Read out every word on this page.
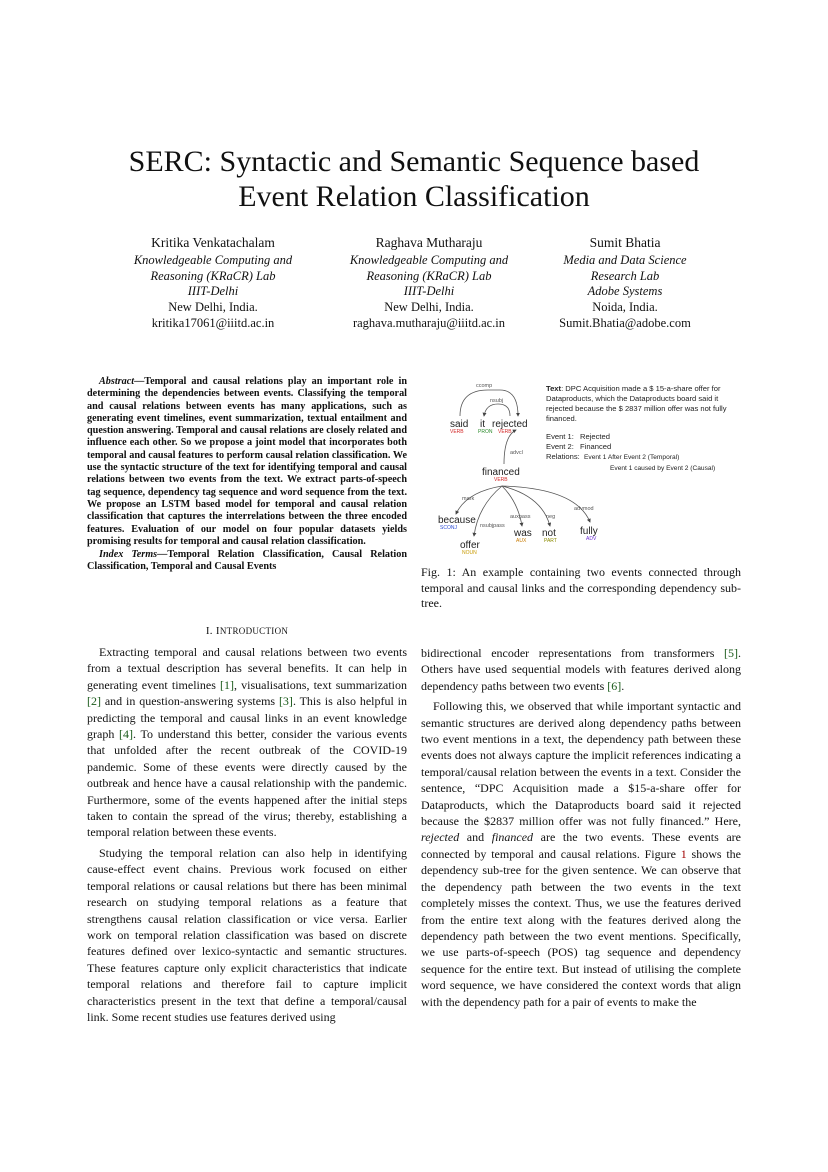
SERC: Syntactic and Semantic Sequence based
Event Relation Classification
Kritika Venkatachalam
Knowledgeable Computing and
Reasoning (KRaCR) Lab
IIIT-Delhi
New Delhi, India.
kritika17061@iiitd.ac.in
Raghava Mutharaju
Knowledgeable Computing and
Reasoning (KRaCR) Lab
IIIT-Delhi
New Delhi, India.
raghava.mutharaju@iiitd.ac.in
Sumit Bhatia
Media and Data Science
Research Lab
Adobe Systems
Noida, India.
Sumit.Bhatia@adobe.com

Abstract—Temporal and causal relations play an important role in determining the dependencies between events. Classifying the temporal and causal relations between events has many applications, such as generating event timelines, event summarization, textual entailment and question answering. Temporal and causal relations are closely related and influence each other. So we propose a joint model that incorporates both temporal and causal features to perform causal relation classification. We use the syntactic structure of the text for identifying temporal and causal relations between two events from the text. We extract parts-of-speech tag sequence, dependency tag sequence and word sequence from the text. We propose an LSTM based model for temporal and causal relation classification that captures the interrelations between the three encoded features. Evaluation of our model on four popular datasets yields promising results for temporal and causal relation classification.

Index Terms—Temporal Relation Classification, Causal Relation Classification, Temporal and Causal Events

I. INTRODUCTION

Extracting temporal and causal relations between two events from a textual description has several benefits. It can help in generating event timelines [1], visualisations, text summarization [2] and in question-answering systems [3]. This is also helpful in predicting the temporal and causal links in an event knowledge graph [4]. To understand this better, consider the various events that unfolded after the recent outbreak of the COVID-19 pandemic. Some of these events were directly caused by the outbreak and hence have a causal relationship with the pandemic. Furthermore, some of the events happened after the initial steps taken to contain the spread of the virus; thereby, establishing a temporal relation between these events.

Studying the temporal relation can also help in identifying cause-effect event chains. Previous work focused on either temporal relations or causal relations but there has been minimal research on studying temporal relations as a feature that strengthens causal relation classification or vice versa. Earlier work on temporal relation classification was based on discrete features defined over lexico-syntactic and semantic structures. These features capture only explicit characteristics that indicate temporal relations and therefore fail to capture implicit characteristics present in the text that define a temporal/causal link. Some recent studies use features derived using

ccomp
nsubj
advcl
mark
nsubjpass
auxpass	neg
advmod
said
VERB
it
PRON
rejected
VERB
financed
VERB
because
SCONJ
offer
NOUN
was
AUX
not
PART
fully
ADV
Text: DPC Acquisition made a $ 15-a-share offer for Dataproducts, which the Dataproducts board said it rejected because the $ 2837 million offer was not fully financed.
Event 1: Rejected
Event 2: Financed
Relations: Event 1 After Event 2 (Temporal)
Event 1 caused by Event 2 (Causal)

Fig. 1: An example containing two events connected through temporal and causal links and the corresponding dependency sub-tree.

bidirectional encoder representations from transformers [5]. Others have used sequential models with features derived along dependency paths between two events [6].

Following this, we observed that while important syntactic and semantic structures are derived along dependency paths between two event mentions in a text, the dependency path between these events does not always capture the implicit references indicating a temporal/causal relation between the events in a text. Consider the sentence, “DPC Acquisition made a $15-a-share offer for Dataproducts, which the Dataproducts board said it rejected because the $2837 million offer was not fully financed.” Here, rejected and financed are the two events. These events are connected by temporal and causal relations. Figure 1 shows the dependency sub-tree for the given sentence. We can observe that the dependency path between the two events in the text completely misses the context. Thus, we use the features derived from the entire text along with the features derived along the dependency path between the two event mentions. Specifically, we use parts-of-speech (POS) tag sequence and dependency sequence for the entire text. But instead of utilising the complete word sequence, we have considered the context words that align with the dependency path for a pair of events to make the
